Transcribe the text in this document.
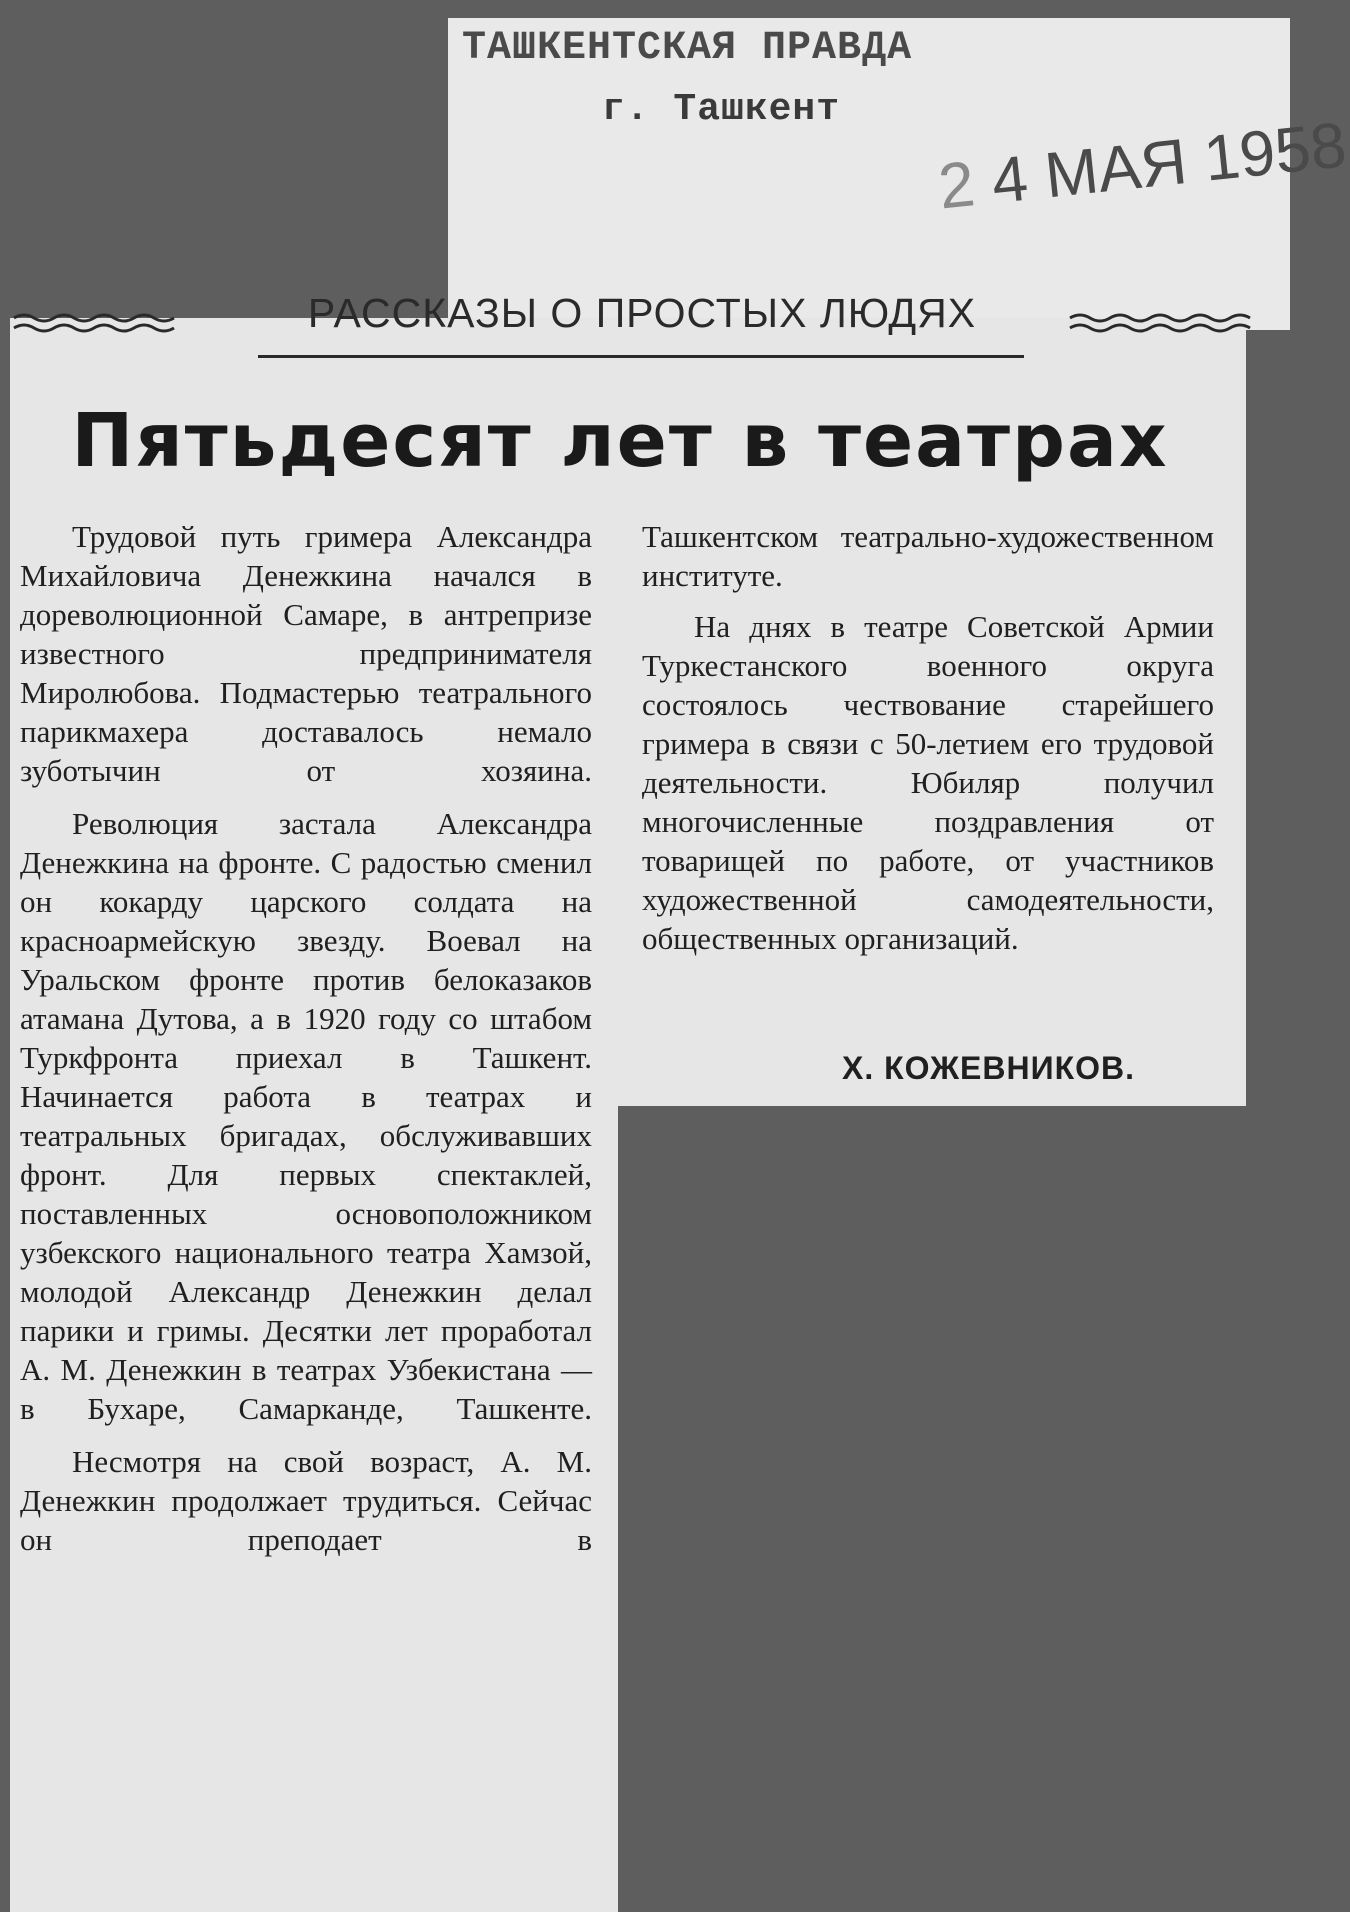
ТАШКЕНТСКАЯ ПРАВДА
г. Ташкент
2 4 МАЯ 1958
РАССКАЗЫ О ПРОСТЫХ ЛЮДЯХ
Пятьдесят лет в театрах

Трудовой путь гримера Александра Михайловича Денежкина начался в дореволюционной Самаре, в антрепризе известного предпринимателя Миролюбова. Подмастерью театрального парикмахера доставалось немало зуботычин от хозяина.

Революция застала Александра Денежкина на фронте. С радостью сменил он кокарду царского солдата на красноармейскую звезду. Воевал на Уральском фронте против белоказаков атамана Дутова, а в 1920 году со штабом Туркфронта приехал в Ташкент. Начинается работа в театрах и театральных бригадах, обслуживавших фронт. Для первых спектаклей, поставленных основоположником узбекского национального театра Хамзой, молодой Александр Денежкин делал парики и гримы. Десятки лет проработал А. М. Денежкин в театрах Узбекистана — в Бухаре, Самарканде, Ташкенте.

Несмотря на свой возраст, А. М. Денежкин продолжает трудиться. Сейчас он преподает в

Ташкентском театрально-художественном институте.

На днях в театре Советской Армии Туркестанского военного округа состоялось чествование старейшего гримера в связи с 50-летием его трудовой деятельности. Юбиляр получил многочисленные поздравления от товарищей по работе, от участников художественной самодеятельности, общественных организаций.

Х. КОЖЕВНИКОВ.
